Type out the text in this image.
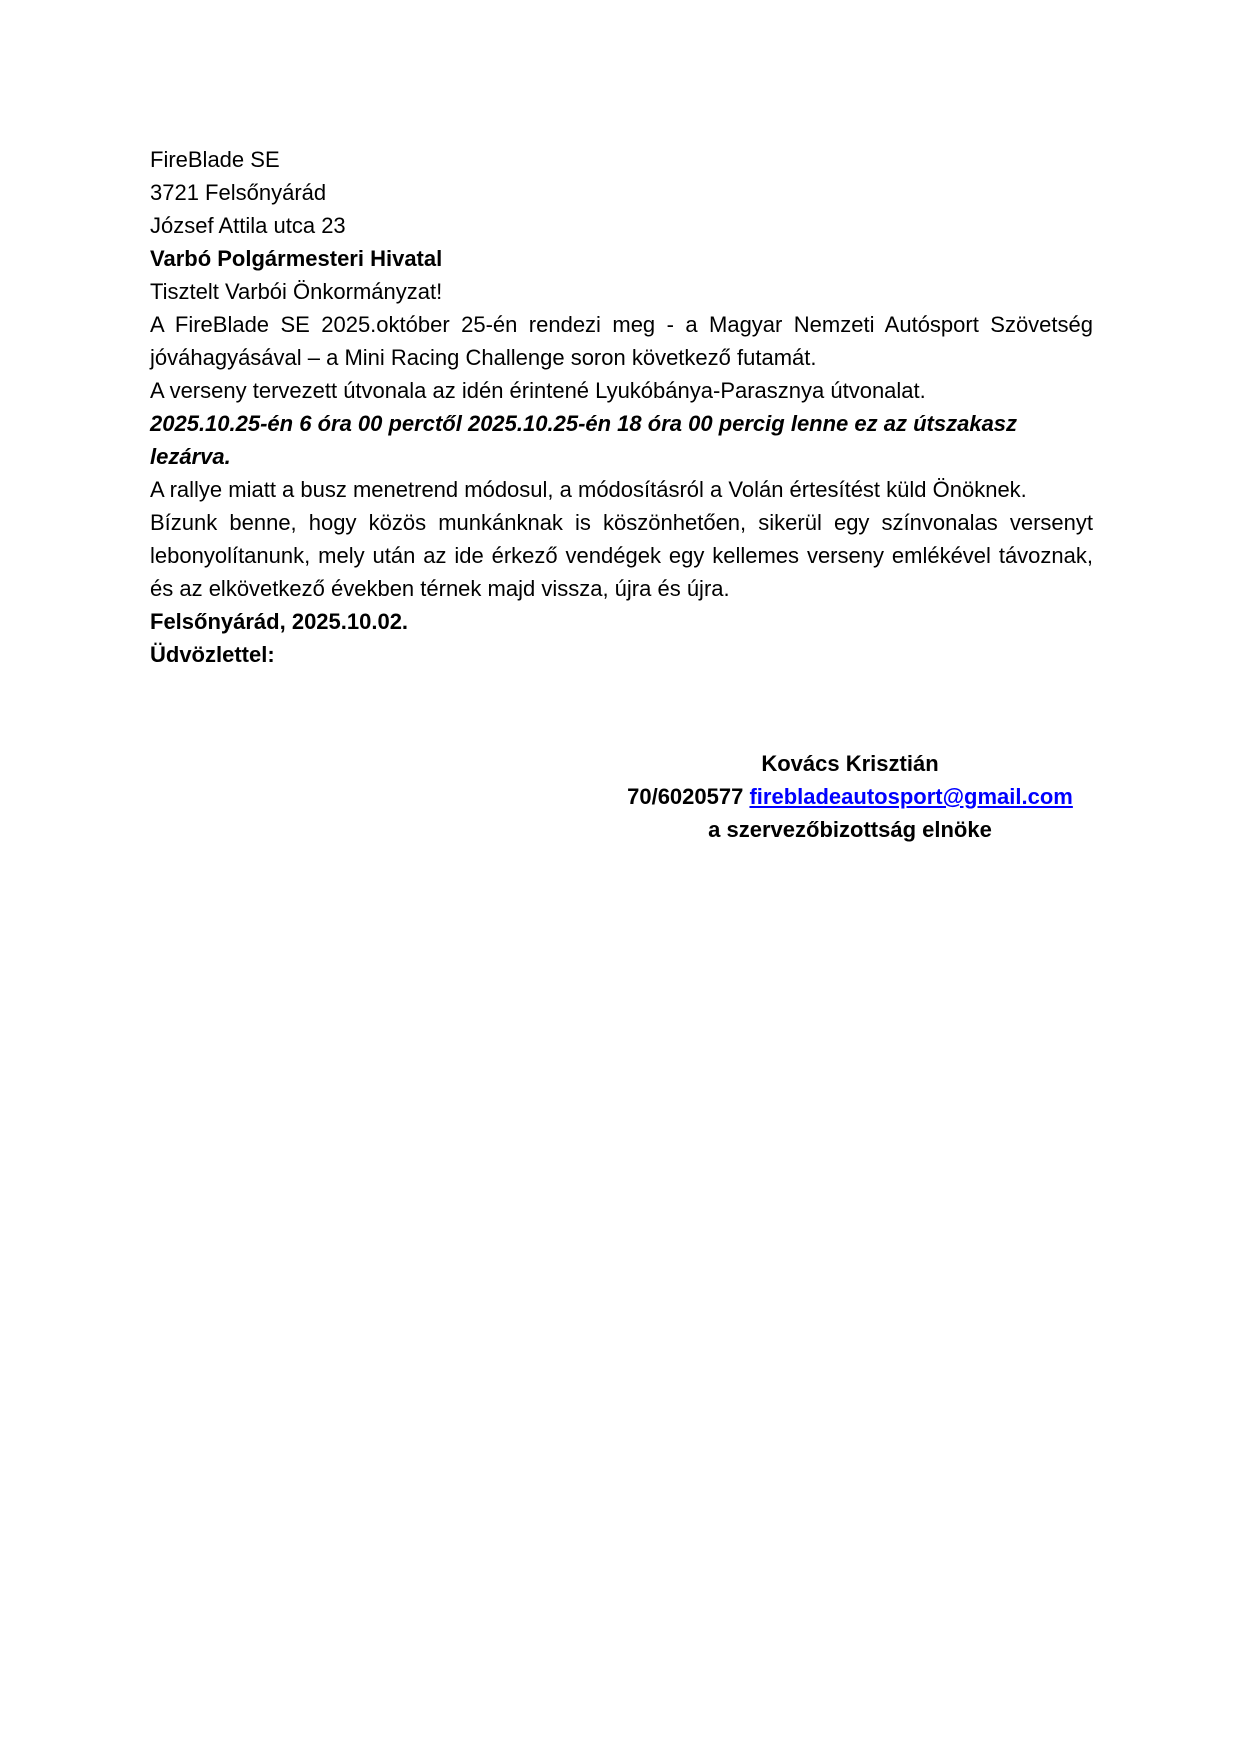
FireBlade SE

3721 Felsőnyárád

József Attila utca 23

Varbó Polgármesteri Hivatal

Tisztelt Varbói Önkormányzat!

A FireBlade SE 2025.október 25-én rendezi meg - a Magyar Nemzeti Autósport Szövetség jóváhagyásával – a Mini Racing Challenge soron következő futamát.

A verseny tervezett útvonala az idén érintené Lyukóbánya-Parasznya útvonalat.

2025.10.25-én 6 óra 00 perctől 2025.10.25-én 18 óra 00 percig lenne ez az útszakasz lezárva.

A rallye miatt a busz menetrend módosul, a módosításról a Volán értesítést küld Önöknek.

Bízunk benne, hogy közös munkánknak is köszönhetően, sikerül egy színvonalas versenyt lebonyolítanunk, mely után az ide érkező vendégek egy kellemes verseny emlékével távoznak, és az elkövetkező években térnek majd vissza, újra és újra.

Felsőnyárád, 2025.10.02.

Üdvözlettel:

Kovács Krisztián

70/6020577 firebladeautosport@gmail.com

a szervezőbizottság elnöke
